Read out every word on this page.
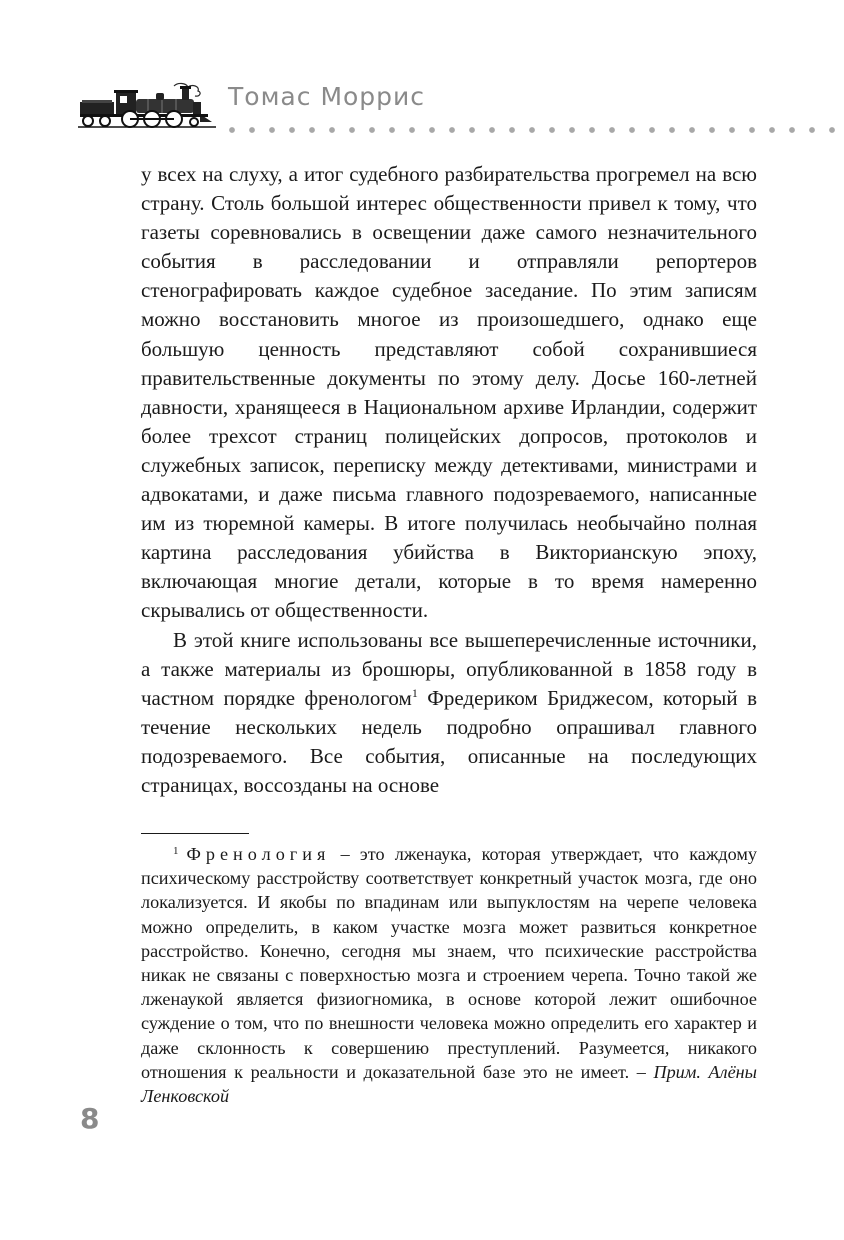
Томас Моррис

у всех на слуху, а итог судебного разбирательства прогремел на всю страну. Столь большой интерес общественности привел к тому, что газеты соревновались в освещении даже самого незначительного события в расследовании и отправляли репортеров стенографировать каждое судебное заседание. По этим записям можно восстановить многое из произошедшего, однако еще большую ценность представляют собой сохранившиеся правительственные документы по этому делу. Досье 160-летней давности, хранящееся в Национальном архиве Ирландии, содержит более трехсот страниц полицейских допросов, протоколов и служебных записок, переписку между детективами, министрами и адвокатами, и даже письма главного подозреваемого, написанные им из тюремной камеры. В итоге получилась необычайно полная картина расследования убийства в Викторианскую эпоху, включающая многие детали, которые в то время намеренно скрывались от общественности.

В этой книге использованы все вышеперечисленные источники, а также материалы из брошюры, опубликованной в 1858 году в частном порядке френологом$^1$ Фредериком Бриджесом, который в течение нескольких недель подробно опрашивал главного подозреваемого. Все события, описанные на последующих страницах, воссозданы на основе

$^1$ Френология – это лженаука, которая утверждает, что каждому психическому расстройству соответствует конкретный участок мозга, где оно локализуется. И якобы по впадинам или выпуклостям на черепе человека можно определить, в каком участке мозга может развиться конкретное расстройство. Конечно, сегодня мы знаем, что психические расстройства никак не связаны с поверхностью мозга и строением черепа. Точно такой же лженаукой является физиогномика, в основе которой лежит ошибочное суждение о том, что по внешности человека можно определить его характер и даже склонность к совершению преступлений. Разумеется, никакого отношения к реальности и доказательной базе это не имеет. – Прим. Алёны Ленковской

8
